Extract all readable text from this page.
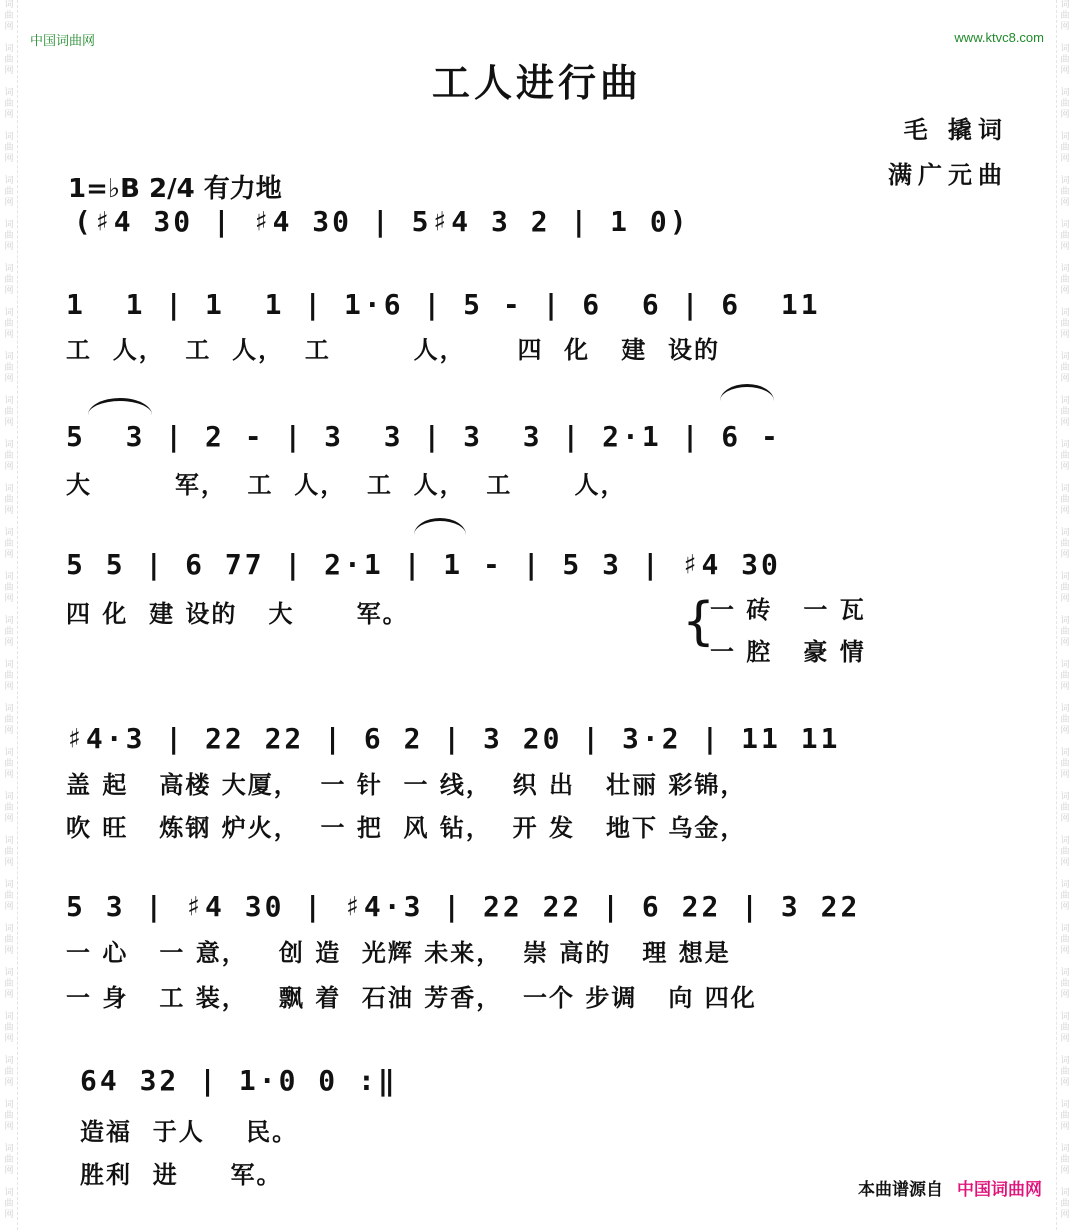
词
曲
网

词
曲
网

词
曲
网

词
曲
网

词
曲
网

词
曲
网

词
曲
网

词
曲
网

词
曲
网

词
曲
网

词
曲
网

词
曲
网

词
曲
网

词
曲
网

词
曲
网

词
曲
网

词
曲
网

词
曲
网

词
曲
网

词
曲
网

词
曲
网

词
曲
网

词
曲
网

词
曲
网

词
曲
网

词
曲
网

词
曲
网

词
曲
网

词
曲
网

词
曲
网

词
曲
网

词
曲
网

词
曲
网

词
曲
网

词
曲
网

词
曲
网

词
曲
网

词
曲
网

词
曲
网

词
曲
网

词
曲
网

词
曲
网

词
曲
网

词
曲
网

词
曲
网

词
曲
网

词
曲
网

词
曲
网

词
曲
网

词
曲
网

词
曲
网

词
曲
网

词
曲
网

词
曲
网

词
曲
网

词
曲
网

中国词曲网	www.ktvc8.com
工人进行曲
毛 撬词
满广元曲
1=♭B 2/4 有力地
(♯4 30 | ♯4 30 | 5♯4 3 2 | 1 0)
1  1 | 1  1 | 1·6 | 5 - | 6  6 | 6  11
工  人，  工  人，  工        人，     四  化   建  设的
5  3 | 2 - | 3  3 | 3  3 | 2·1 | 6 -
大        军，  工  人，  工  人，  工      人，
5 5 | 6 77 | 2·1 | 1 - | 5 3 | ♯4 30
四 化  建 设的   大      军。	{
一 砖   一 瓦
一 腔   豪 情
♯4·3 | 22 22 | 6 2 | 3 20 | 3·2 | 11 11
盖 起   高楼 大厦，  一 针  一 线，  织 出   壮丽 彩锦，
吹 旺   炼钢 炉火，  一 把  风 钻，  开 发   地下 乌金，
5 3 | ♯4 30 | ♯4·3 | 22 22 | 6 22 | 3 22
一 心   一 意，   创 造  光辉 未来，  崇 高的   理 想是
一 身   工 装，   飘 着  石油 芳香，  一个 步调   向 四化
64 32 | 1·0 0 :‖
造福  于人    民。
胜利  进     军。
本曲谱源自 中国词曲网
